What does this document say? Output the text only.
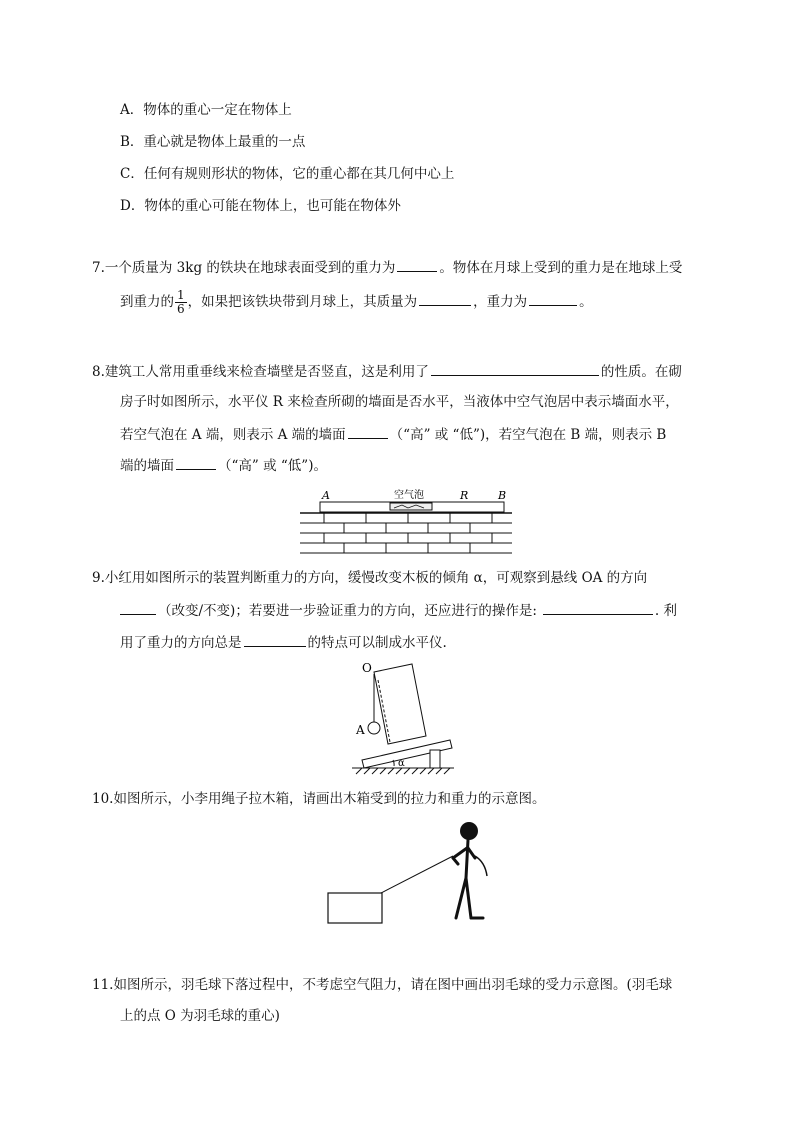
A．物体的重心一定在物体上
B．重心就是物体上最重的一点
C．任何有规则形状的物体，它的重心都在其几何中心上
D．物体的重心可能在物体上，也可能在物体外
7.一个质量为 3kg 的铁块在地球表面受到的重力为	。物体在月球上受到的重力是在地球上受
到重力的 $\frac{1}{6}$ ，如果把该铁块带到月球上，其质量为	，重力为	。
8.建筑工人常用重垂线来检查墙壁是否竖直，这是利用了	的性质。在砌
房子时如图所示，水平仪 R 来检查所砌的墙面是否水平，当液体中空气泡居中表示墙面水平，
若空气泡在 A 端，则表示 A 端的墙面	（“高” 或 “低”)，若空气泡在 B 端，则表示 B
端的墙面	（“高” 或 “低”)。
A	空气泡	R	B
9.小红用如图所示的装置判断重力的方向，缓慢改变木板的倾角 α，可观察到悬线 OA 的方向
（改变/不变)；若要进一步验证重力的方向，还应进行的操作是:	. 利
用了重力的方向总是	的特点可以制成水平仪.
O
A
α
10.如图所示，小李用绳子拉木箱，请画出木箱受到的拉力和重力的示意图。
11.如图所示，羽毛球下落过程中，不考虑空气阻力，请在图中画出羽毛球的受力示意图。(羽毛球
上的点 O 为羽毛球的重心)
